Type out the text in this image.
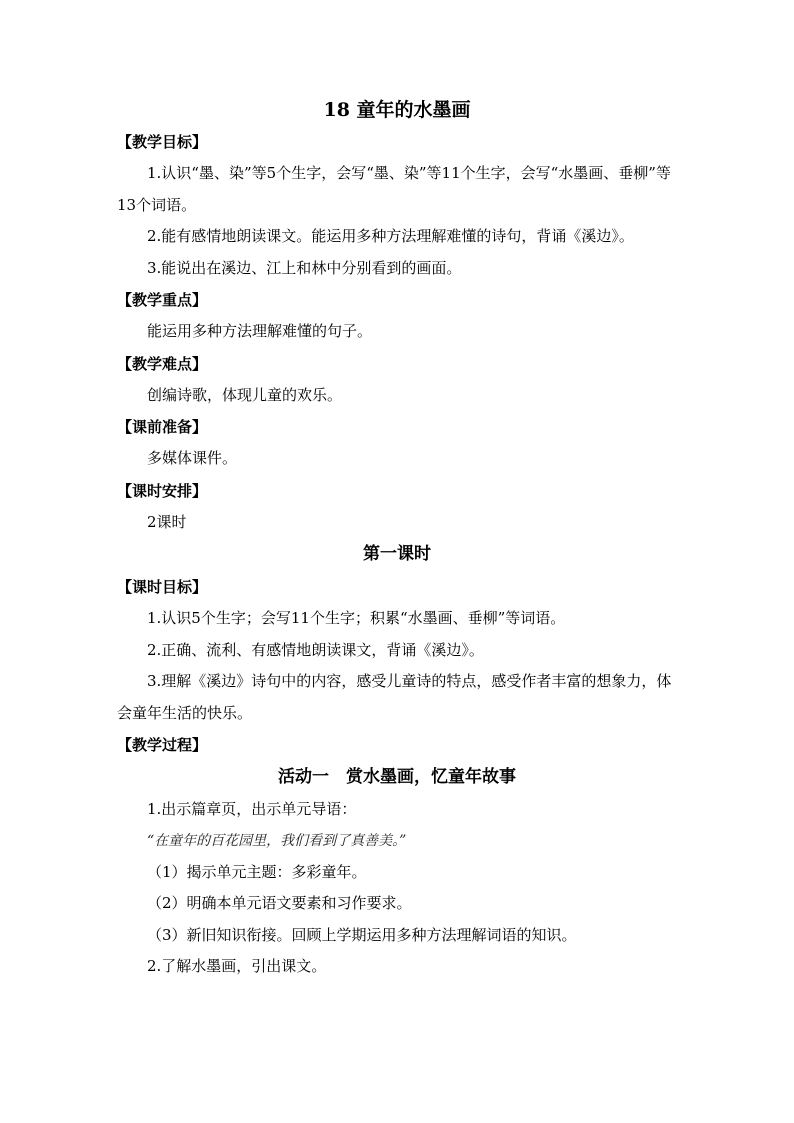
18 童年的水墨画

【教学目标】

1.认识“墨、染”等5个生字，会写“墨、染”等11个生字，会写“水墨画、垂柳”等13个词语。

2.能有感情地朗读课文。能运用多种方法理解难懂的诗句，背诵《溪边》。

3.能说出在溪边、江上和林中分别看到的画面。

【教学重点】

能运用多种方法理解难懂的句子。

【教学难点】

创编诗歌，体现儿童的欢乐。

【课前准备】

多媒体课件。

【课时安排】

2课时

第一课时

【课时目标】

1.认识5个生字；会写11个生字；积累“水墨画、垂柳”等词语。

2.正确、流利、有感情地朗读课文，背诵《溪边》。

3.理解《溪边》诗句中的内容，感受儿童诗的特点，感受作者丰富的想象力，体会童年生活的快乐。

【教学过程】

活动一　赏水墨画，忆童年故事

1.出示篇章页，出示单元导语：

“在童年的百花园里，我们看到了真善美。”

（1）揭示单元主题：多彩童年。

（2）明确本单元语文要素和习作要求。

（3）新旧知识衔接。回顾上学期运用多种方法理解词语的知识。

2.了解水墨画，引出课文。
